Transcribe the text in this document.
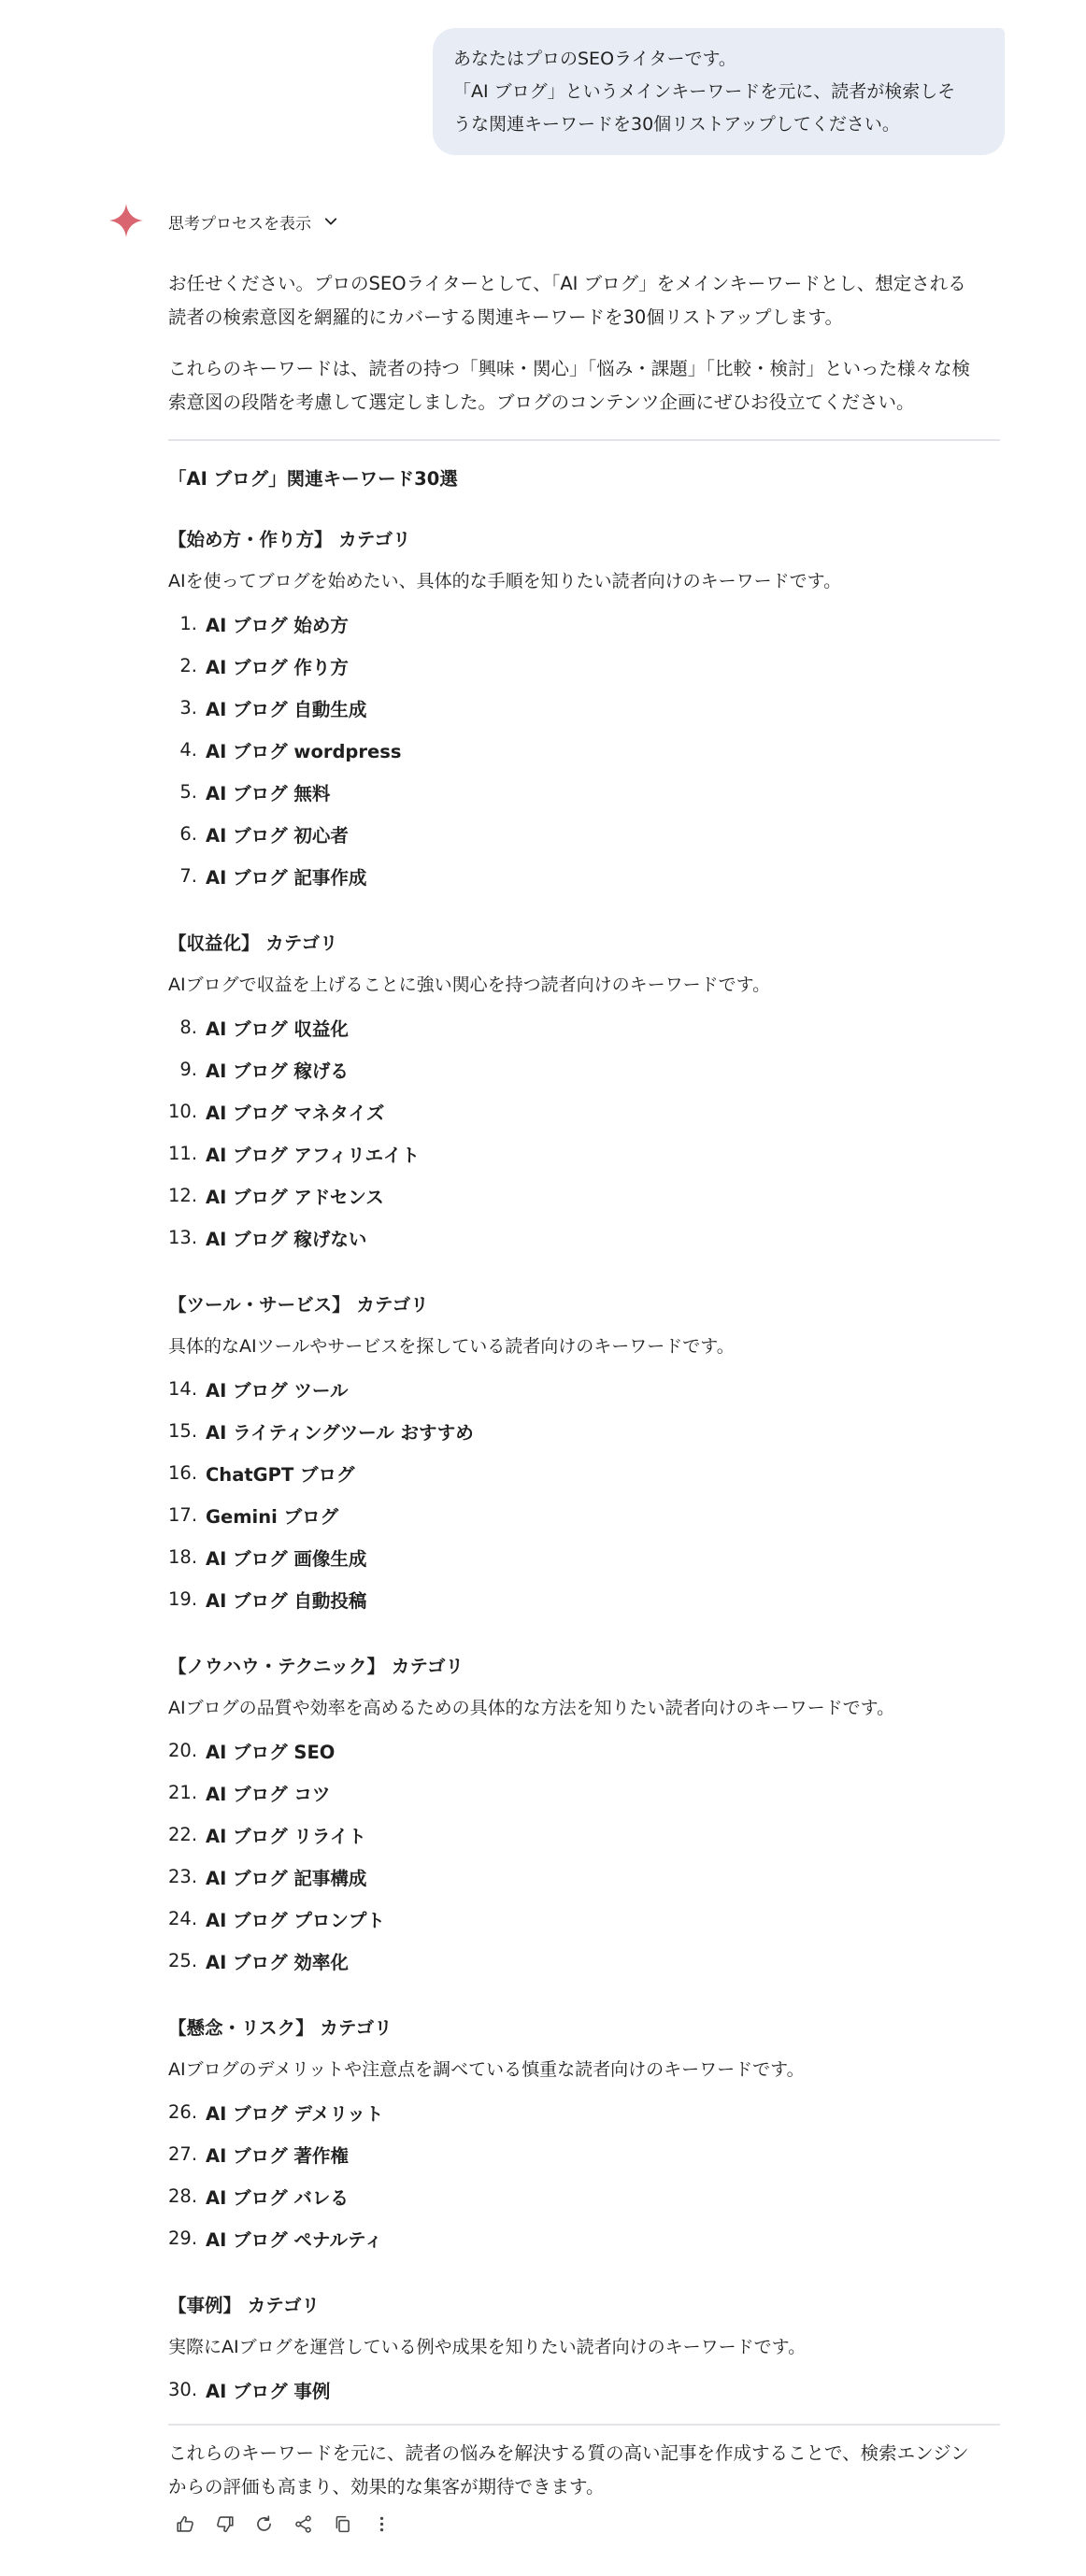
あなたはプロのSEOライターです。
「AI ブログ」というメインキーワードを元に、読者が検索しそ
うな関連キーワードを30個リストアップしてください。
思考プロセスを表示

お任せください。プロのSEOライターとして、「AI ブログ」をメインキーワードとし、想定される
読者の検索意図を網羅的にカバーする関連キーワードを30個リストアップします。

これらのキーワードは、読者の持つ「興味・関心」「悩み・課題」「比較・検討」といった様々な検
索意図の段階を考慮して選定しました。ブログのコンテンツ企画にぜひお役立てください。

「AI ブログ」関連キーワード30選

【始め方・作り方】 カテゴリ

AIを使ってブログを始めたい、具体的な手順を知りたい読者向けのキーワードです。
1. AI ブログ 始め方
2. AI ブログ 作り方
3. AI ブログ 自動生成
4. AI ブログ wordpress
5. AI ブログ 無料
6. AI ブログ 初心者
7. AI ブログ 記事作成

【収益化】 カテゴリ

AIブログで収益を上げることに強い関心を持つ読者向けのキーワードです。
8. AI ブログ 収益化
9. AI ブログ 稼げる
10. AI ブログ マネタイズ
11. AI ブログ アフィリエイト
12. AI ブログ アドセンス
13. AI ブログ 稼げない

【ツール・サービス】 カテゴリ

具体的なAIツールやサービスを探している読者向けのキーワードです。
14. AI ブログ ツール
15. AI ライティングツール おすすめ
16. ChatGPT ブログ
17. Gemini ブログ
18. AI ブログ 画像生成
19. AI ブログ 自動投稿

【ノウハウ・テクニック】 カテゴリ

AIブログの品質や効率を高めるための具体的な方法を知りたい読者向けのキーワードです。
20. AI ブログ SEO
21. AI ブログ コツ
22. AI ブログ リライト
23. AI ブログ 記事構成
24. AI ブログ プロンプト
25. AI ブログ 効率化

【懸念・リスク】 カテゴリ

AIブログのデメリットや注意点を調べている慎重な読者向けのキーワードです。
26. AI ブログ デメリット
27. AI ブログ 著作権
28. AI ブログ バレる
29. AI ブログ ペナルティ

【事例】 カテゴリ

実際にAIブログを運営している例や成果を知りたい読者向けのキーワードです。
30. AI ブログ 事例

これらのキーワードを元に、読者の悩みを解決する質の高い記事を作成することで、検索エンジン
からの評価も高まり、効果的な集客が期待できます。
